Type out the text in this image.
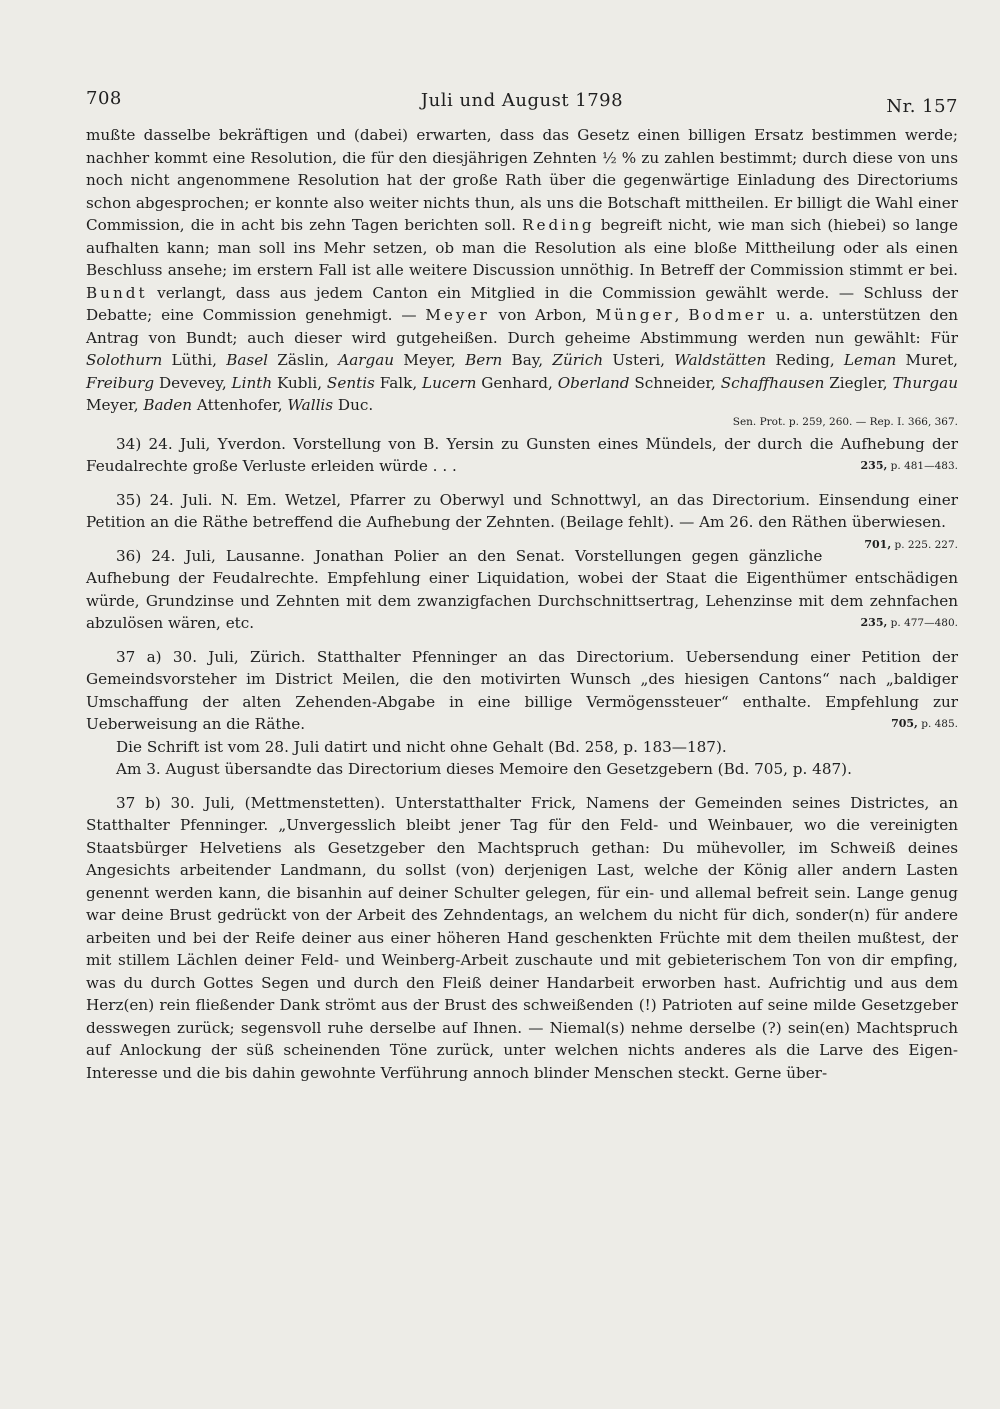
708	Juli und August 1798	Nr. 157

mußte dasselbe bekräftigen und (dabei) erwarten, dass das Gesetz einen billigen Ersatz bestimmen werde; nachher kommt eine Resolution, die für den diesjährigen Zehnten ½ % zu zahlen bestimmt; durch diese von uns noch nicht angenommene Resolution hat der große Rath über die gegenwärtige Einladung des Directoriums schon abgesprochen; er konnte also weiter nichts thun, als uns die Botschaft mittheilen. Er billigt die Wahl einer Commission, die in acht bis zehn Tagen berichten soll. Reding begreift nicht, wie man sich (hiebei) so lange aufhalten kann; man soll ins Mehr setzen, ob man die Resolution als eine bloße Mittheilung oder als einen Beschluss ansehe; im erstern Fall ist alle weitere Discussion unnöthig. In Betreff der Commission stimmt er bei. Bundt verlangt, dass aus jedem Canton ein Mitglied in die Commission gewählt werde. — Schluss der Debatte; eine Commission genehmigt. — Meyer von Arbon, Münger, Bodmer u. a. unterstützen den Antrag von Bundt; auch dieser wird gutgeheißen. Durch geheime Abstimmung werden nun gewählt: Für Solothurn Lüthi, Basel Zäslin, Aargau Meyer, Bern Bay, Zürich Usteri, Waldstätten Reding, Leman Muret, Freiburg Devevey, Linth Kubli, Sentis Falk, Lucern Genhard, Oberland Schneider, Schaffhausen Ziegler, Thurgau Meyer, Baden Attenhofer, Wallis Duc.

Sen. Prot. p. 259, 260. — Rep. I. 366, 367.

34) 24. Juli, Yverdon. Vorstellung von B. Yersin zu Gunsten eines Mündels, der durch die Aufhebung der Feudalrechte große Verluste erleiden würde . . .	235, p. 481—483.

35) 24. Juli. N. Em. Wetzel, Pfarrer zu Oberwyl und Schnottwyl, an das Directorium. Einsendung einer Petition an die Räthe betreffend die Aufhebung der Zehnten. (Beilage fehlt). — Am 26. den Räthen überwiesen.
701, p. 225. 227.

36) 24. Juli, Lausanne. Jonathan Polier an den Senat. Vorstellungen gegen gänzliche Aufhebung der Feudalrechte. Empfehlung einer Liquidation, wobei der Staat die Eigenthümer entschädigen würde, Grundzinse und Zehnten mit dem zwanzigfachen Durchschnittsertrag, Lehenzinse mit dem zehnfachen abzulösen wären, etc.	235, p. 477—480.

37 a) 30. Juli, Zürich. Statthalter Pfenninger an das Directorium. Uebersendung einer Petition der Gemeindsvorsteher im District Meilen, die den motivirten Wunsch „des hiesigen Cantons“ nach „baldiger Umschaffung der alten Zehenden-Abgabe in eine billige Vermögenssteuer“ enthalte. Empfehlung zur Ueberweisung an die Räthe.	705, p. 485.

Die Schrift ist vom 28. Juli datirt und nicht ohne Gehalt (Bd. 258, p. 183—187).

Am 3. August übersandte das Directorium dieses Memoire den Gesetzgebern (Bd. 705, p. 487).

37 b) 30. Juli, (Mettmenstetten). Unterstatthalter Frick, Namens der Gemeinden seines Districtes, an Statthalter Pfenninger. „Unvergesslich bleibt jener Tag für den Feld- und Weinbauer, wo die vereinigten Staatsbürger Helvetiens als Gesetzgeber den Machtspruch gethan: Du mühevoller, im Schweiß deines Angesichts arbeitender Landmann, du sollst (von) derjenigen Last, welche der König aller andern Lasten genennt werden kann, die bisanhin auf deiner Schulter gelegen, für ein- und allemal befreit sein. Lange genug war deine Brust gedrückt von der Arbeit des Zehndentags, an welchem du nicht für dich, sonder(n) für andere arbeiten und bei der Reife deiner aus einer höheren Hand geschenkten Früchte mit dem theilen mußtest, der mit stillem Lächlen deiner Feld- und Weinberg-Arbeit zuschaute und mit gebieterischem Ton von dir empfing, was du durch Gottes Segen und durch den Fleiß deiner Handarbeit erworben hast. Aufrichtig und aus dem Herz(en) rein fließender Dank strömt aus der Brust des schweißenden (!) Patrioten auf seine milde Gesetzgeber desswegen zurück; segensvoll ruhe derselbe auf Ihnen. — Niemal(s) nehme derselbe (?) sein(en) Machtspruch auf Anlockung der süß scheinenden Töne zurück, unter welchen nichts anderes als die Larve des Eigen-Interesse und die bis dahin gewohnte Verführung annoch blinder Menschen steckt. Gerne über-
